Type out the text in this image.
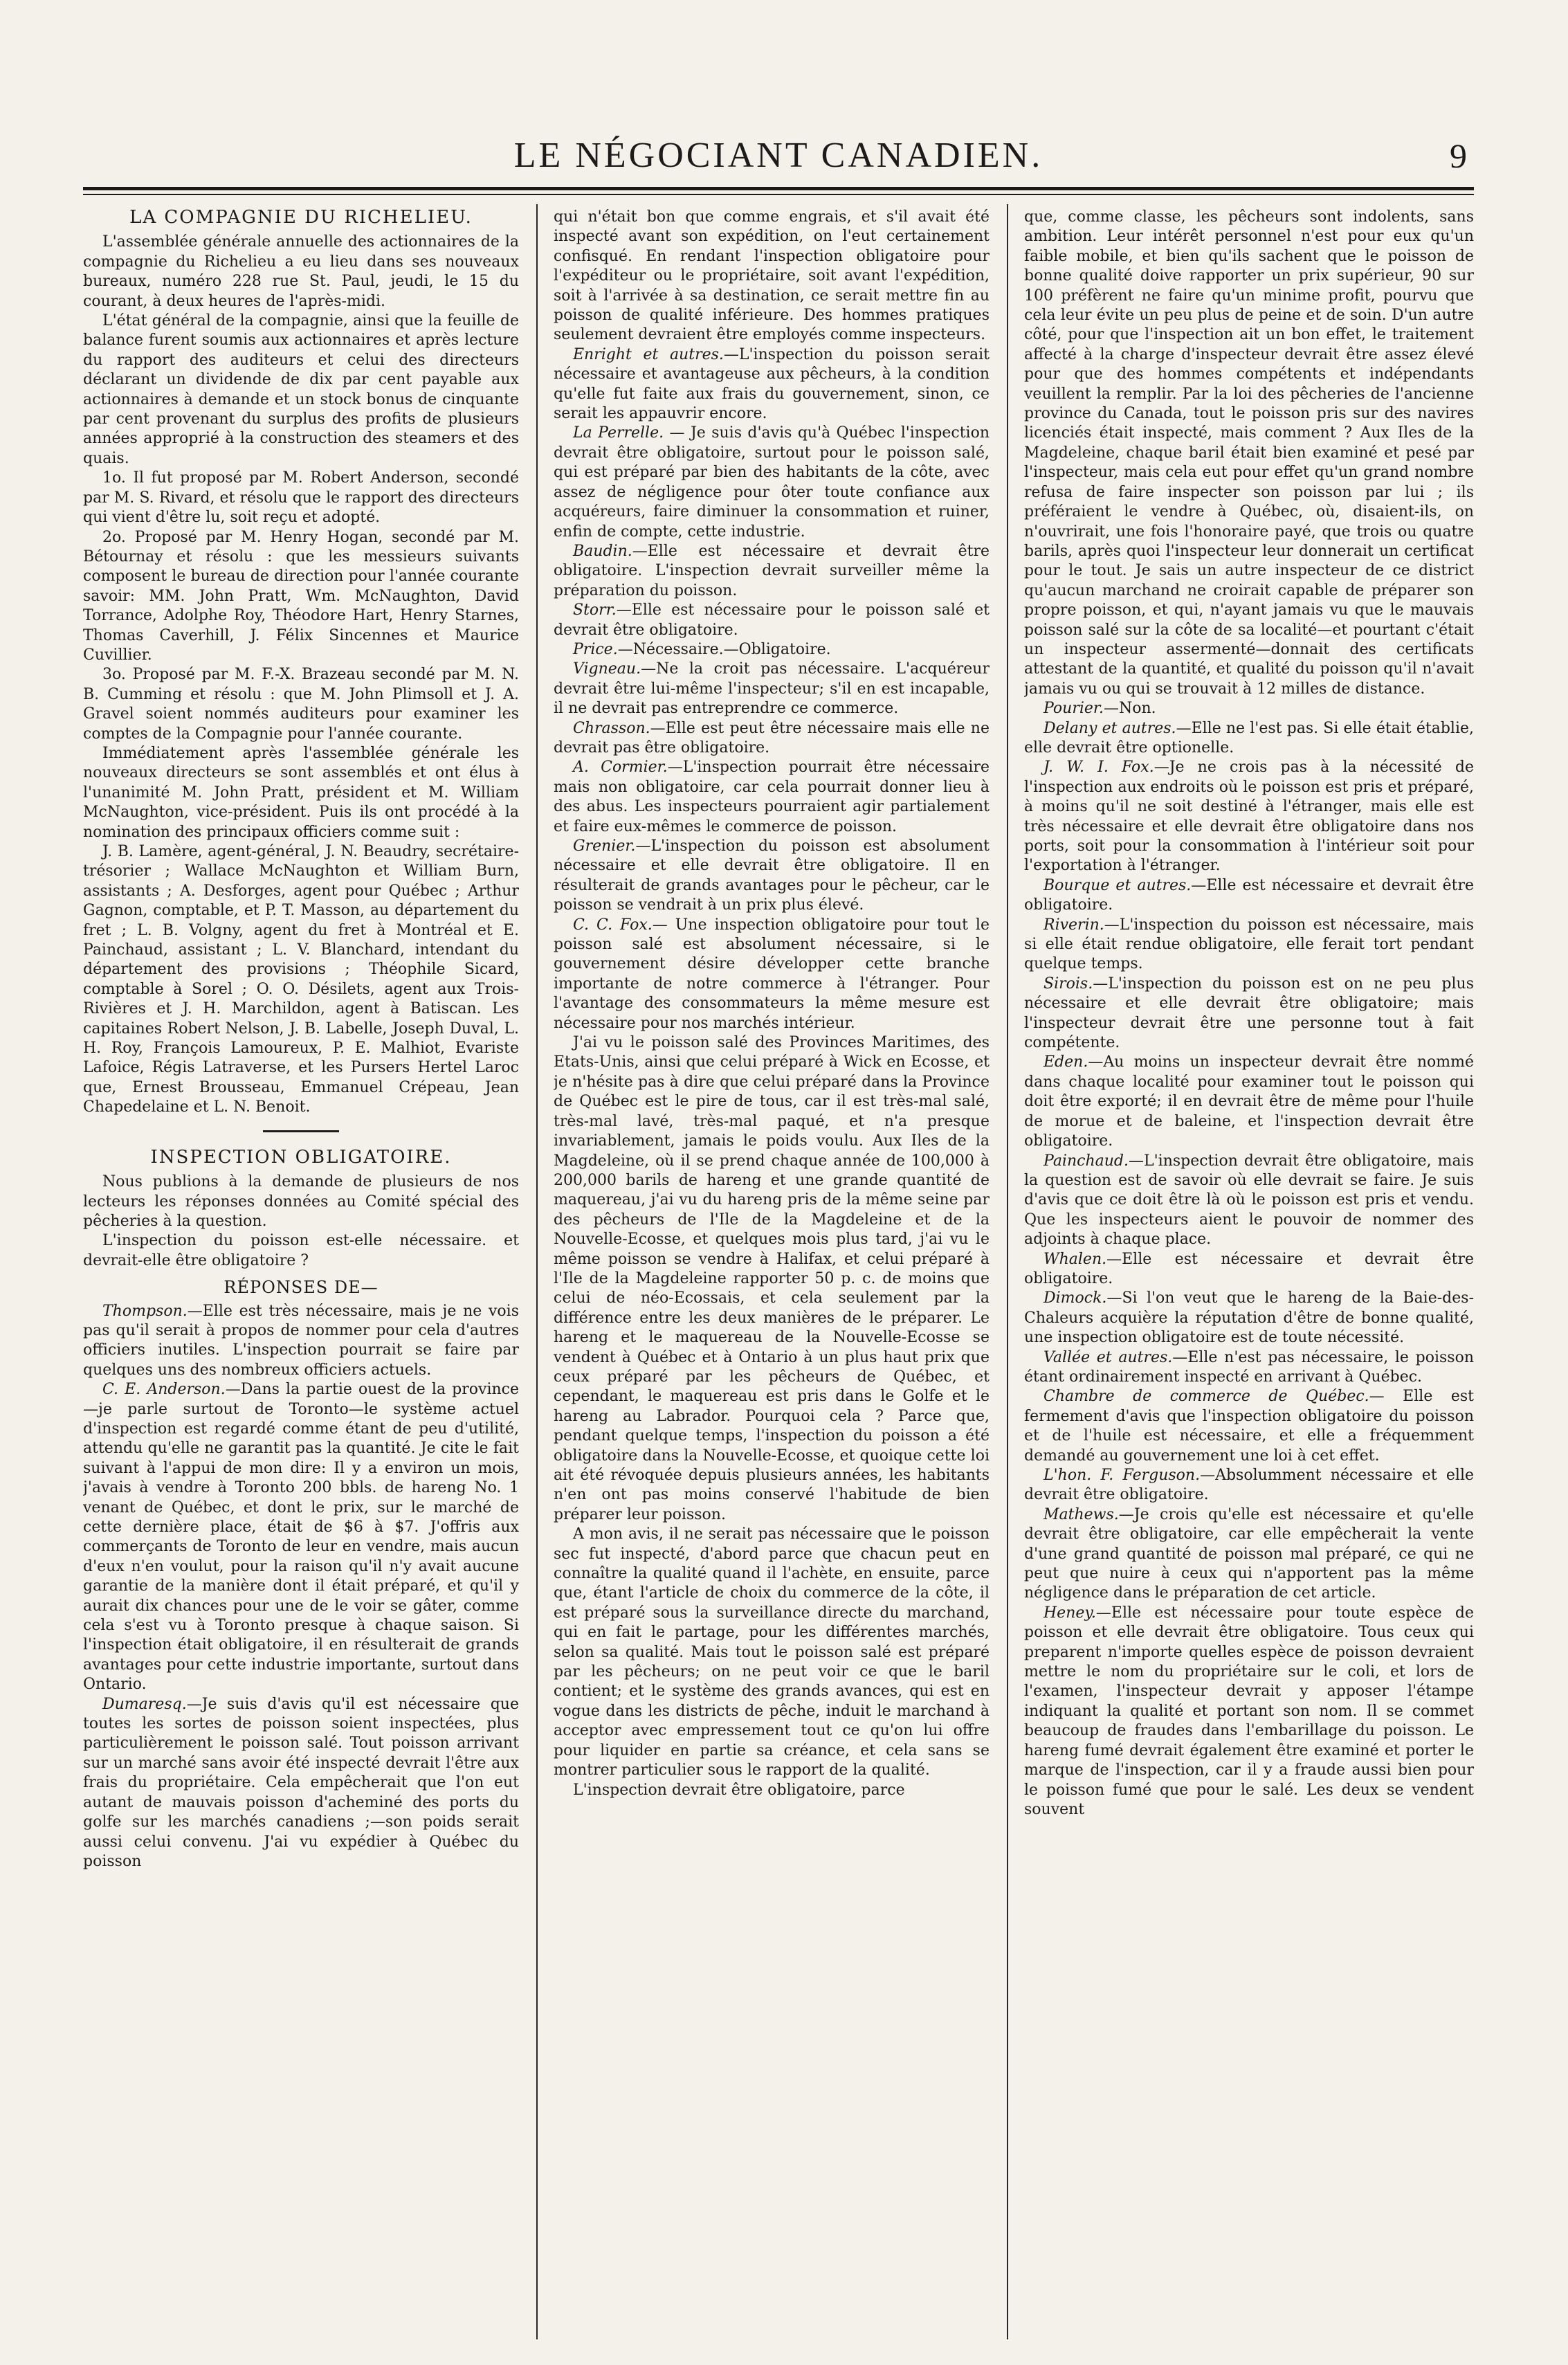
LE NÉGOCIANT CANADIEN.	9

LA COMPAGNIE DU RICHELIEU.

L'assemblée générale annuelle des actionnaires de la compagnie du Richelieu a eu lieu dans ses nouveaux bureaux, numéro 228 rue St. Paul, jeudi, le 15 du courant, à deux heures de l'après-midi.

L'état général de la compagnie, ainsi que la feuille de balance furent soumis aux actionnaires et après lecture du rapport des auditeurs et celui des directeurs déclarant un dividende de dix par cent payable aux actionnaires à demande et un stock bonus de cinquante par cent provenant du surplus des profits de plusieurs années approprié à la construction des steamers et des quais.

1o. Il fut proposé par M. Robert Anderson, secondé par M. S. Rivard, et résolu que le rapport des directeurs qui vient d'être lu, soit reçu et adopté.

2o. Proposé par M. Henry Hogan, secondé par M. Bétournay et résolu : que les messieurs suivants composent le bureau de direction pour l'année courante savoir: MM. John Pratt, Wm. McNaughton, David Torrance, Adolphe Roy, Théodore Hart, Henry Starnes, Thomas Caverhill, J. Félix Sincennes et Maurice Cuvillier.

3o. Proposé par M. F.-X. Brazeau secondé par M. N. B. Cumming et résolu : que M. John Plimsoll et J. A. Gravel soient nommés auditeurs pour examiner les comptes de la Compagnie pour l'année courante.

Immédiatement après l'assemblée générale les nouveaux directeurs se sont assemblés et ont élus à l'unanimité M. John Pratt, président et M. William McNaughton, vice-président. Puis ils ont procédé à la nomination des principaux officiers comme suit :

J. B. Lamère, agent-général, J. N. Beaudry, secrétaire-trésorier ; Wallace McNaughton et William Burn, assistants ; A. Desforges, agent pour Québec ; Arthur Gagnon, comptable, et P. T. Masson, au département du fret ; L. B. Volgny, agent du fret à Montréal et E. Painchaud, assistant ; L. V. Blanchard, intendant du département des provisions ; Théophile Sicard, comptable à Sorel ; O. O. Désilets, agent aux Trois-Rivières et J. H. Marchildon, agent à Batiscan. Les capitaines Robert Nelson, J. B. Labelle, Joseph Duval, L. H. Roy, François Lamoureux, P. E. Malhiot, Evariste Lafoice, Régis Latraverse, et les Pursers Hertel Laroc que, Ernest Brousseau, Emmanuel Crépeau, Jean Chapedelaine et L. N. Benoit.

INSPECTION OBLIGATOIRE.

Nous publions à la demande de plusieurs de nos lecteurs les réponses données au Comité spécial des pêcheries à la question.

L'inspection du poisson est-elle nécessaire. et devrait-elle être obligatoire ?

RÉPONSES DE—

Thompson.—Elle est très nécessaire, mais je ne vois pas qu'il serait à propos de nommer pour cela d'autres officiers inutiles. L'inspection pourrait se faire par quelques uns des nombreux officiers actuels.

C. E. Anderson.—Dans la partie ouest de la province—je parle surtout de Toronto—le système actuel d'inspection est regardé comme étant de peu d'utilité, attendu qu'elle ne garantit pas la quantité. Je cite le fait suivant à l'appui de mon dire: Il y a environ un mois, j'avais à vendre à Toronto 200 bbls. de hareng No. 1 venant de Québec, et dont le prix, sur le marché de cette dernière place, était de $6 à $7. J'offris aux commerçants de Toronto de leur en vendre, mais aucun d'eux n'en voulut, pour la raison qu'il n'y avait aucune garantie de la manière dont il était préparé, et qu'il y aurait dix chances pour une de le voir se gâter, comme cela s'est vu à Toronto presque à chaque saison. Si l'inspection était obligatoire, il en résulterait de grands avantages pour cette industrie importante, surtout dans Ontario.

Dumaresq.—Je suis d'avis qu'il est nécessaire que toutes les sortes de poisson soient inspectées, plus particulièrement le poisson salé. Tout poisson arrivant sur un marché sans avoir été inspecté devrait l'être aux frais du propriétaire. Cela empêcherait que l'on eut autant de mauvais poisson d'acheminé des ports du golfe sur les marchés canadiens ;—son poids serait aussi celui convenu. J'ai vu expédier à Québec du poisson

qui n'était bon que comme engrais, et s'il avait été inspecté avant son expédition, on l'eut certainement confisqué. En rendant l'inspection obligatoire pour l'expéditeur ou le propriétaire, soit avant l'expédition, soit à l'arrivée à sa destination, ce serait mettre fin au poisson de qualité inférieure. Des hommes pratiques seulement devraient être employés comme inspecteurs.

Enright et autres.—L'inspection du poisson serait nécessaire et avantageuse aux pêcheurs, à la condition qu'elle fut faite aux frais du gouvernement, sinon, ce serait les appauvrir encore.

La Perrelle. — Je suis d'avis qu'à Québec l'inspection devrait être obligatoire, surtout pour le poisson salé, qui est préparé par bien des habitants de la côte, avec assez de négligence pour ôter toute confiance aux acquéreurs, faire diminuer la consommation et ruiner, enfin de compte, cette industrie.

Baudin.—Elle est nécessaire et devrait être obligatoire. L'inspection devrait surveiller même la préparation du poisson.

Storr.—Elle est nécessaire pour le poisson salé et devrait être obligatoire.

Price.—Nécessaire.—Obligatoire.

Vigneau.—Ne la croit pas nécessaire. L'acquéreur devrait être lui-même l'inspecteur; s'il en est incapable, il ne devrait pas entreprendre ce commerce.

Chrasson.—Elle est peut être nécessaire mais elle ne devrait pas être obligatoire.

A. Cormier.—L'inspection pourrait être nécessaire mais non obligatoire, car cela pourrait donner lieu à des abus. Les inspecteurs pourraient agir partialement et faire eux-mêmes le commerce de poisson.

Grenier.—L'inspection du poisson est absolument nécessaire et elle devrait être obligatoire. Il en résulterait de grands avantages pour le pêcheur, car le poisson se vendrait à un prix plus élevé.

C. C. Fox.— Une inspection obligatoire pour tout le poisson salé est absolument nécessaire, si le gouvernement désire développer cette branche importante de notre commerce à l'étranger. Pour l'avantage des consommateurs la même mesure est nécessaire pour nos marchés intérieur.

J'ai vu le poisson salé des Provinces Maritimes, des Etats-Unis, ainsi que celui préparé à Wick en Ecosse, et je n'hésite pas à dire que celui préparé dans la Province de Québec est le pire de tous, car il est très-mal salé, très-mal lavé, très-mal paqué, et n'a presque invariablement, jamais le poids voulu. Aux Iles de la Magdeleine, où il se prend chaque année de 100,000 à 200,000 barils de hareng et une grande quantité de maquereau, j'ai vu du hareng pris de la même seine par des pêcheurs de l'Ile de la Magdeleine et de la Nouvelle-Ecosse, et quelques mois plus tard, j'ai vu le même poisson se vendre à Halifax, et celui préparé à l'Ile de la Magdeleine rapporter 50 p. c. de moins que celui de néo-Ecossais, et cela seulement par la différence entre les deux manières de le préparer. Le hareng et le maquereau de la Nouvelle-Ecosse se vendent à Québec et à Ontario à un plus haut prix que ceux préparé par les pêcheurs de Québec, et cependant, le maquereau est pris dans le Golfe et le hareng au Labrador. Pourquoi cela ? Parce que, pendant quelque temps, l'inspection du poisson a été obligatoire dans la Nouvelle-Ecosse, et quoique cette loi ait été révoquée depuis plusieurs années, les habitants n'en ont pas moins conservé l'habitude de bien préparer leur poisson.

A mon avis, il ne serait pas nécessaire que le poisson sec fut inspecté, d'abord parce que chacun peut en connaître la qualité quand il l'achète, en ensuite, parce que, étant l'article de choix du commerce de la côte, il est préparé sous la surveillance directe du marchand, qui en fait le partage, pour les différentes marchés, selon sa qualité. Mais tout le poisson salé est préparé par les pêcheurs; on ne peut voir ce que le baril contient; et le système des grands avances, qui est en vogue dans les districts de pêche, induit le marchand à acceptor avec empressement tout ce qu'on lui offre pour liquider en partie sa créance, et cela sans se montrer particulier sous le rapport de la qualité.

L'inspection devrait être obligatoire, parce

que, comme classe, les pêcheurs sont indolents, sans ambition. Leur intérêt personnel n'est pour eux qu'un faible mobile, et bien qu'ils sachent que le poisson de bonne qualité doive rapporter un prix supérieur, 90 sur 100 préfèrent ne faire qu'un minime profit, pourvu que cela leur évite un peu plus de peine et de soin. D'un autre côté, pour que l'inspection ait un bon effet, le traitement affecté à la charge d'inspecteur devrait être assez élevé pour que des hommes compétents et indépendants veuillent la remplir. Par la loi des pêcheries de l'ancienne province du Canada, tout le poisson pris sur des navires licenciés était inspecté, mais comment ? Aux Iles de la Magdeleine, chaque baril était bien examiné et pesé par l'inspecteur, mais cela eut pour effet qu'un grand nombre refusa de faire inspecter son poisson par lui ; ils préféraient le vendre à Québec, où, disaient-ils, on n'ouvrirait, une fois l'honoraire payé, que trois ou quatre barils, après quoi l'inspecteur leur donnerait un certificat pour le tout. Je sais un autre inspecteur de ce district qu'aucun marchand ne croirait capable de préparer son propre poisson, et qui, n'ayant jamais vu que le mauvais poisson salé sur la côte de sa localité—et pourtant c'était un inspecteur assermenté—donnait des certificats attestant de la quantité, et qualité du poisson qu'il n'avait jamais vu ou qui se trouvait à 12 milles de distance.

Pourier.—Non.

Delany et autres.—Elle ne l'est pas. Si elle était établie, elle devrait être optionelle.

J. W. I. Fox.—Je ne crois pas à la nécessité de l'inspection aux endroits où le poisson est pris et préparé, à moins qu'il ne soit destiné à l'étranger, mais elle est très nécessaire et elle devrait être obligatoire dans nos ports, soit pour la consommation à l'intérieur soit pour l'exportation à l'étranger.

Bourque et autres.—Elle est nécessaire et devrait être obligatoire.

Riverin.—L'inspection du poisson est nécessaire, mais si elle était rendue obligatoire, elle ferait tort pendant quelque temps.

Sirois.—L'inspection du poisson est on ne peu plus nécessaire et elle devrait être obligatoire; mais l'inspecteur devrait être une personne tout à fait compétente.

Eden.—Au moins un inspecteur devrait être nommé dans chaque localité pour examiner tout le poisson qui doit être exporté; il en devrait être de même pour l'huile de morue et de baleine, et l'inspection devrait être obligatoire.

Painchaud.—L'inspection devrait être obligatoire, mais la question est de savoir où elle devrait se faire. Je suis d'avis que ce doit être là où le poisson est pris et vendu. Que les inspecteurs aient le pouvoir de nommer des adjoints à chaque place.

Whalen.—Elle est nécessaire et devrait être obligatoire.

Dimock.—Si l'on veut que le hareng de la Baie-des-Chaleurs acquière la réputation d'être de bonne qualité, une inspection obligatoire est de toute nécessité.

Vallée et autres.—Elle n'est pas nécessaire, le poisson étant ordinairement inspecté en arrivant à Québec.

Chambre de commerce de Québec.— Elle est fermement d'avis que l'inspection obligatoire du poisson et de l'huile est nécessaire, et elle a fréquemment demandé au gouvernement une loi à cet effet.

L'hon. F. Ferguson.—Absolumment nécessaire et elle devrait être obligatoire.

Mathews.—Je crois qu'elle est nécessaire et qu'elle devrait être obligatoire, car elle empêcherait la vente d'une grand quantité de poisson mal préparé, ce qui ne peut que nuire à ceux qui n'apportent pas la même négligence dans le préparation de cet article.

Heney.—Elle est nécessaire pour toute espèce de poisson et elle devrait être obligatoire. Tous ceux qui preparent n'importe quelles espèce de poisson devraient mettre le nom du propriétaire sur le coli, et lors de l'examen, l'inspecteur devrait y apposer l'étampe indiquant la qualité et portant son nom. Il se commet beaucoup de fraudes dans l'embarillage du poisson. Le hareng fumé devrait également être examiné et porter le marque de l'inspection, car il y a fraude aussi bien pour le poisson fumé que pour le salé. Les deux se vendent souvent
